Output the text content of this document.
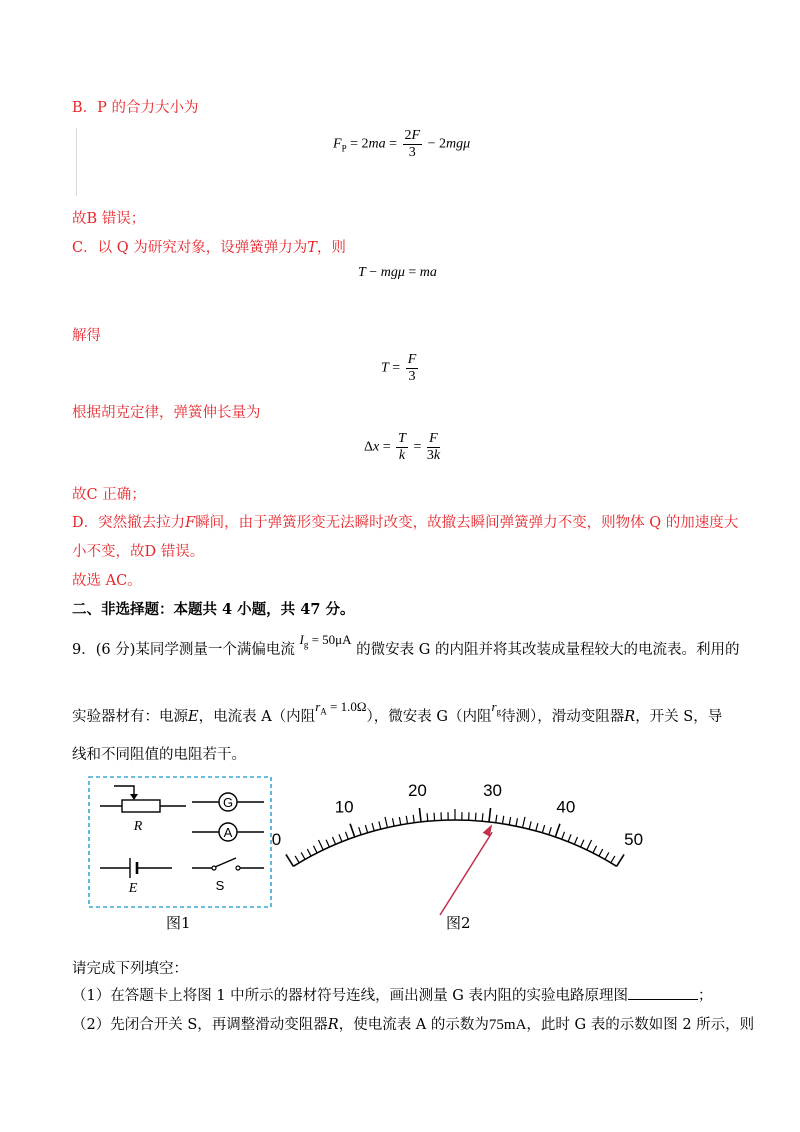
B．P 的合力大小为
$F_P = 2ma = \frac{2F}{3} - 2mg\mu$
故B 错误；
C．以 Q 为研究对象，设弹簧弹力为T，则
T − mgμ = ma
解得
$T = \frac{F}{3}$
根据胡克定律，弹簧伸长量为
$\Delta x = \frac{T}{k} = \frac{F}{3k}$
故C 正确；
D．突然撤去拉力F瞬间，由于弹簧形变无法瞬时改变，故撤去瞬间弹簧弹力不变，则物体 Q 的加速度大
小不变，故D 错误。
故选 AC。
二、非选择题：本题共 4 小题，共 47 分。
9．(6 分)某同学测量一个满偏电流 $I_g = 50\mu A$ 的微安表 G 的内阻并将其改装成量程较大的电流表。利用的
实验器材有：电源E，电流表 A（内阻$r_A = 1.0\Omega$），微安表 G（内阻$r_g$待测），滑动变阻器R，开关 S，导
线和不同阻值的电阻若干。
R
G
A
E	S
图1
0
10
20	30
40
50
图2
请完成下列填空：
（1）在答题卡上将图 1 中所示的器材符号连线，画出测量 G 表内阻的实验电路原理图	；
（2）先闭合开关 S，再调整滑动变阻器R，使电流表 A 的示数为75mA，此时 G 表的示数如图 2 所示，则
